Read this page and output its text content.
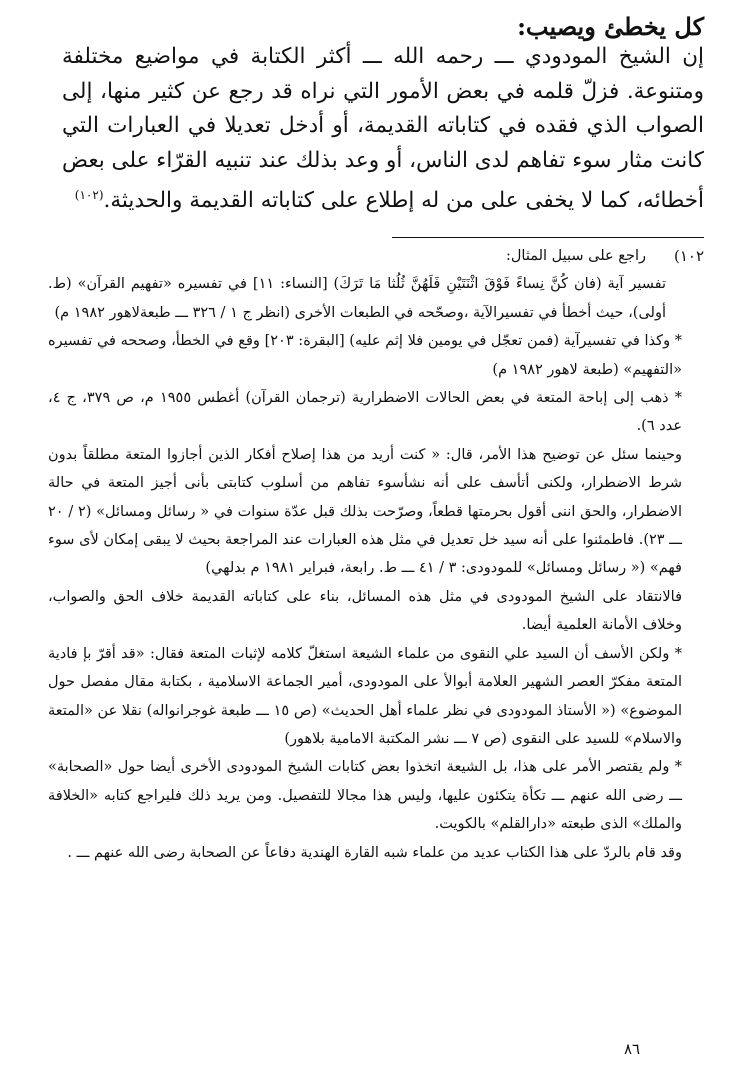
كل يخطئ ويصيب:
إن الشيخ المودودي ـــ رحمه الله ـــ أكثر الكتابة في مواضيع مختلفة ومتنوعة. فزلّ قلمه في بعض الأمور التي نراه قد رجع عن كثير منها، إلى الصواب الذي فقده في كتاباته القديمة، أو أدخل تعديلا في العبارات التي كانت مثار سوء تفاهم لدى الناس، أو وعد بذلك عند تنبيه القرّاء على بعض أخطائه، كما لا يخفى على من له إطلاع على كتاباته القديمة والحديثة.$^{(١٠٢)}$
١٠٢)
راجع على سبيل المثال:

تفسير آية (فان كُنَّ نِساءً فَوْقَ اثْنَتَيْنِ فَلَهُنَّ ثُلُثا مَا تَرَكَ) [النساء: ١١] في تفسيره «تفهيم القرآن» (ط. أولى)، حيث أخطأ في تفسيرالآية ،وصحّحه في الطبعات الأخرى (انظر ج ١ / ٣٢٦ ـــ طبعةلاهور ١٩٨٢ م)

* وكذا في تفسيرآية (فمن تعجّل في يومين فلا إثم عليه) [البقرة: ٢٠٣] وقع في الخطأ، وصححه في تفسيره «التفهيم» (طبعة لاهور ١٩٨٢ م)

* ذهب إلى إباحة المتعة في بعض الحالات الاضطرارية (ترجمان القرآن) أغطس ١٩٥٥ م، ص ٣٧٩، ج ٤، عدد ٦).

وحينما سئل عن توضيح هذا الأمر، قال: « كنت أريد من هذا إصلاح أفكار الذين أجازوا المتعة مطلقاً بدون شرط الاضطرار، ولكنى أتأسف على أنه نشأسوء تفاهم من أسلوب كتابتى بأنى أجيز المتعة في حالة الاضطرار، والحق اننى أقول بحرمتها قطعاً، وصرّحت بذلك قبل عدّة سنوات في « رسائل ومسائل» (٢ / ٢٠ ـــ ٢٣). فاطمئنوا على أنه سيد خل تعديل في مثل هذه العبارات عند المراجعة بحيث لا يبقى إمكان لأى سوء فهم» (« رسائل ومسائل» للمودودى: ٣ / ٤١ ـــ ط. رابعة، فبراير ١٩٨١ م بدلهي)

فالانتقاد على الشيخ المودودى في مثل هذه المسائل، بناء على كتاباته القديمة خلاف الحق والصواب، وخلاف الأمانة العلمية أيضا.

* ولكن الأسف أن السيد علي النقوى من علماء الشيعة استغلّ كلامه لإثبات المتعة فقال: «قد أقرّ بإ فادية المتعة مفكرّ العصر الشهير العلامة أبوالأ على المودودى، أمير الجماعة الاسلامية ، بكتابة مقال مفصل حول الموضوع» (« الأستاذ المودودى في نظر علماء أهل الحديث» (ص ١٥ ـــ طبعة غوجرانواله) نقلا عن «المتعة والاسلام» للسيد على النقوى (ص ٧ ـــ نشر المكتبة الامامية بلاهور)

* ولم يقتصر الأمر على هذا، بل الشيعة اتخذوا بعض كتابات الشيخ المودودى الأخرى أيضا حول «الصحابة» ـــ رضى الله عنهم ـــ تكأة يتكئون عليها، وليس هذا مجالا للتفصيل. ومن يريد ذلك فليراجع كتابه «الخلافة والملك» الذى طبعته «دارالقلم» بالكويت.

وقد قام بالردّ على هذا الكتاب عديد من علماء شبه القارة الهندية دفاعاً عن الصحابة رضى الله عنهم ـــ .

٨٦
